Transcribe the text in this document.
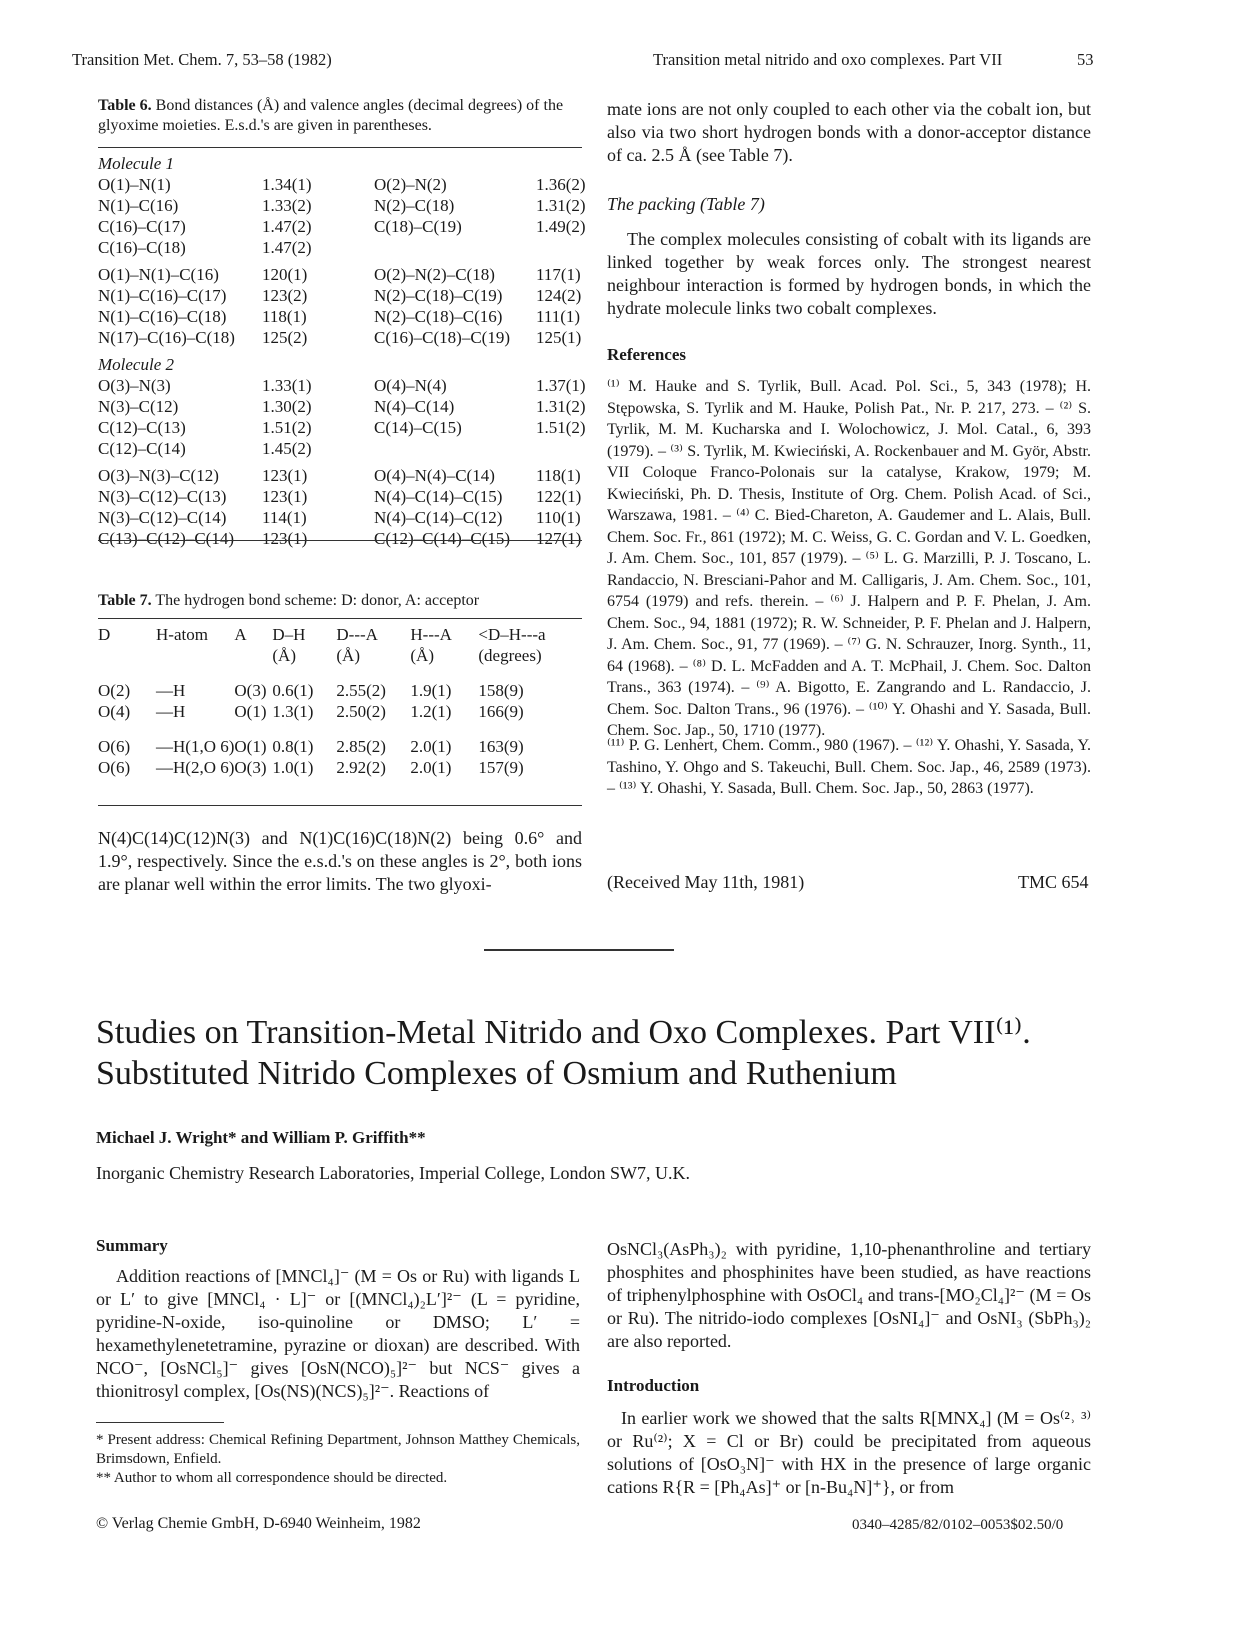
Transition Met. Chem. 7, 53–58 (1982)	Transition metal nitrido and oxo complexes. Part VII	53
Table 6. Bond distances (Å) and valence angles (decimal degrees) of the glyoxime moieties. E.s.d.'s are given in parentheses.
Molecule 1			
O(1)–N(1)	1.34(1)	O(2)–N(2)	1.36(2)
N(1)–C(16)	1.33(2)	N(2)–C(18)	1.31(2)
C(16)–C(17)	1.47(2)	C(18)–C(19)	1.49(2)
C(16)–C(18)	1.47(2)		
O(1)–N(1)–C(16)	120(1)	O(2)–N(2)–C(18)	117(1)
N(1)–C(16)–C(17)	123(2)	N(2)–C(18)–C(19)	124(2)
N(1)–C(16)–C(18)	118(1)	N(2)–C(18)–C(16)	111(1)
N(17)–C(16)–C(18)	125(2)	C(16)–C(18)–C(19)	125(1)
Molecule 2			
O(3)–N(3)	1.33(1)	O(4)–N(4)	1.37(1)
N(3)–C(12)	1.30(2)	N(4)–C(14)	1.31(2)
C(12)–C(13)	1.51(2)	C(14)–C(15)	1.51(2)
C(12)–C(14)	1.45(2)		
O(3)–N(3)–C(12)	123(1)	O(4)–N(4)–C(14)	118(1)
N(3)–C(12)–C(13)	123(1)	N(4)–C(14)–C(15)	122(1)
N(3)–C(12)–C(14)	114(1)	N(4)–C(14)–C(12)	110(1)
C(13)–C(12)–C(14)	123(1)	C(12)–C(14)–C(15)	127(1)
Table 7. The hydrogen bond scheme: D: donor, A: acceptor
D	H-atom	A	D–H	D---A	H---A	<D–H---a
			(Å)	(Å)	(Å)	(degrees)
O(2)	—H	O(3)	0.6(1)	2.55(2)	1.9(1)	158(9)
O(4)	—H	O(1)	1.3(1)	2.50(2)	1.2(1)	166(9)
O(6)	—H(1,O 6)	O(1)	0.8(1)	2.85(2)	2.0(1)	163(9)
O(6)	—H(2,O 6)	O(3)	1.0(1)	2.92(2)	2.0(1)	157(9)
N(4)C(14)C(12)N(3) and N(1)C(16)C(18)N(2) being 0.6° and 1.9°, respectively. Since the e.s.d.'s on these angles is 2°, both ions are planar well within the error limits. The two glyoxi-
mate ions are not only coupled to each other via the cobalt ion, but also via two short hydrogen bonds with a donor-acceptor distance of ca. 2.5 Å (see Table 7).
The packing (Table 7)
The complex molecules consisting of cobalt with its ligands are linked together by weak forces only. The strongest nearest neighbour interaction is formed by hydrogen bonds, in which the hydrate molecule links two cobalt complexes.
References
⁽¹⁾ M. Hauke and S. Tyrlik, Bull. Acad. Pol. Sci., 5, 343 (1978); H. Stępowska, S. Tyrlik and M. Hauke, Polish Pat., Nr. P. 217, 273. – ⁽²⁾ S. Tyrlik, M. M. Kucharska and I. Wolochowicz, J. Mol. Catal., 6, 393 (1979). – ⁽³⁾ S. Tyrlik, M. Kwieciński, A. Rockenbauer and M. Györ, Abstr. VII Coloque Franco-Polonais sur la catalyse, Krakow, 1979; M. Kwieciński, Ph. D. Thesis, Institute of Org. Chem. Polish Acad. of Sci., Warszawa, 1981. – ⁽⁴⁾ C. Bied-Chareton, A. Gaudemer and L. Alais, Bull. Chem. Soc. Fr., 861 (1972); M. C. Weiss, G. C. Gordan and V. L. Goedken, J. Am. Chem. Soc., 101, 857 (1979). – ⁽⁵⁾ L. G. Marzilli, P. J. Toscano, L. Randaccio, N. Bresciani-Pahor and M. Calligaris, J. Am. Chem. Soc., 101, 6754 (1979) and refs. therein. – ⁽⁶⁾ J. Halpern and P. F. Phelan, J. Am. Chem. Soc., 94, 1881 (1972); R. W. Schneider, P. F. Phelan and J. Halpern, J. Am. Chem. Soc., 91, 77 (1969). – ⁽⁷⁾ G. N. Schrauzer, Inorg. Synth., 11, 64 (1968). – ⁽⁸⁾ D. L. McFadden and A. T. McPhail, J. Chem. Soc. Dalton Trans., 363 (1974). – ⁽⁹⁾ A. Bigotto, E. Zangrando and L. Randaccio, J. Chem. Soc. Dalton Trans., 96 (1976). – ⁽¹⁰⁾ Y. Ohashi and Y. Sasada, Bull. Chem. Soc. Jap., 50, 1710 (1977).
⁽¹¹⁾ P. G. Lenhert, Chem. Comm., 980 (1967). – ⁽¹²⁾ Y. Ohashi, Y. Sasada, Y. Tashino, Y. Ohgo and S. Takeuchi, Bull. Chem. Soc. Jap., 46, 2589 (1973). – ⁽¹³⁾ Y. Ohashi, Y. Sasada, Bull. Chem. Soc. Jap., 50, 2863 (1977).
(Received May 11th, 1981)	TMC 654
Studies on Transition-Metal Nitrido and Oxo Complexes. Part VII⁽¹⁾.
Substituted Nitrido Complexes of Osmium and Ruthenium
Michael J. Wright* and William P. Griffith**
Inorganic Chemistry Research Laboratories, Imperial College, London SW7, U.K.
Summary
Addition reactions of [MNCl₄]⁻ (M = Os or Ru) with ligands L or L′ to give [MNCl₄ · L]⁻ or [(MNCl₄)₂L′]²⁻ (L = pyridine, pyridine-N-oxide, iso-quinoline or DMSO; L′ = hexamethylenetetramine, pyrazine or dioxan) are described. With NCO⁻, [OsNCl₅]⁻ gives [OsN(NCO)₅]²⁻ but NCS⁻ gives a thionitrosyl complex, [Os(NS)(NCS)₅]²⁻. Reactions of
OsNCl₃(AsPh₃)₂ with pyridine, 1,10-phenanthroline and tertiary phosphites and phosphinites have been studied, as have reactions of triphenylphosphine with OsOCl₄ and trans-[MO₂Cl₄]²⁻ (M = Os or Ru). The nitrido-iodo complexes [OsNI₄]⁻ and OsNI₃ (SbPh₃)₂ are also reported.
Introduction
In earlier work we showed that the salts R[MNX₄] (M = Os⁽²˒ ³⁾ or Ru⁽²⁾; X = Cl or Br) could be precipitated from aqueous solutions of [OsO₃N]⁻ with HX in the presence of large organic cations R{R = [Ph₄As]⁺ or [n-Bu₄N]⁺}, or from
* Present address: Chemical Refining Department, Johnson Matthey Chemicals, Brimsdown, Enfield.
** Author to whom all correspondence should be directed.
© Verlag Chemie GmbH, D-6940 Weinheim, 1982	0340–4285/82/0102–0053$02.50/0
